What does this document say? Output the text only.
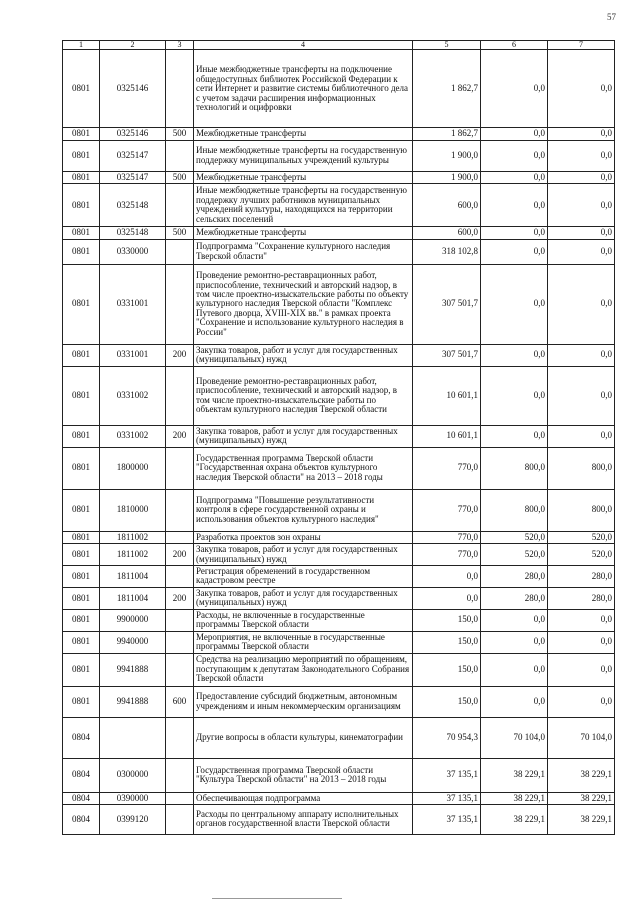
57
1	2	3	4	5	6	7
0801	0325146		Иные межбюджетные трансферты на подключение общедоступных библиотек Российской Федерации к сети Интернет и развитие системы библиотечного дела с учетом задачи расширения информационных технологий и оцифровки	1 862,7	0,0	0,0
0801	0325146	500	Межбюджетные трансферты	1 862,7	0,0	0,0
0801	0325147		Иные межбюджетные трансферты на государственную поддержку муниципальных учреждений культуры	1 900,0	0,0	0,0
0801	0325147	500	Межбюджетные трансферты	1 900,0	0,0	0,0
0801	0325148		Иные межбюджетные трансферты на государственную поддержку лучших работников муниципальных учреждений культуры, находящихся на территории сельских поселений	600,0	0,0	0,0
0801	0325148	500	Межбюджетные трансферты	600,0	0,0	0,0
0801	0330000		Подпрограмма "Сохранение культурного наследия Тверской области"	318 102,8	0,0	0,0
0801	0331001		Проведение ремонтно-реставрационных работ, приспособление, технический и авторский надзор, в том числе проектно-изыскательские работы по объекту культурного наследия Тверской области "Комплекс Путевого дворца, XVIII-XIX вв." в рамках проекта "Сохранение и использование культурного наследия в России"	307 501,7	0,0	0,0
0801	0331001	200	Закупка товаров, работ и услуг для государственных (муниципальных) нужд	307 501,7	0,0	0,0
0801	0331002		Проведение ремонтно-реставрационных работ, приспособление, технический и авторский надзор, в том числе проектно-изыскательские работы по объектам культурного наследия Тверской области	10 601,1	0,0	0,0
0801	0331002	200	Закупка товаров, работ и услуг для государственных (муниципальных) нужд	10 601,1	0,0	0,0
0801	1800000		Государственная программа Тверской области "Государственная охрана объектов культурного наследия Тверской области" на 2013 – 2018 годы	770,0	800,0	800,0
0801	1810000		Подпрограмма "Повышение результативности контроля в сфере государственной охраны и использования объектов культурного наследия"	770,0	800,0	800,0
0801	1811002		Разработка проектов зон охраны	770,0	520,0	520,0
0801	1811002	200	Закупка товаров, работ и услуг для государственных (муниципальных) нужд	770,0	520,0	520,0
0801	1811004		Регистрация обременений в государственном кадастровом реестре	0,0	280,0	280,0
0801	1811004	200	Закупка товаров, работ и услуг для государственных (муниципальных) нужд	0,0	280,0	280,0
0801	9900000		Расходы, не включенные в государственные программы Тверской области	150,0	0,0	0,0
0801	9940000		Мероприятия, не включенные в государственные программы Тверской области	150,0	0,0	0,0
0801	9941888		Средства на реализацию мероприятий по обращениям, поступающим к депутатам Законодательного Собрания Тверской области	150,0	0,0	0,0
0801	9941888	600	Предоставление субсидий бюджетным, автономным учреждениям и иным некоммерческим организациям	150,0	0,0	0,0
0804			Другие вопросы в области культуры, кинематографии	70 954,3	70 104,0	70 104,0
0804	0300000		Государственная программа Тверской области "Культура Тверской области" на 2013 – 2018 годы	37 135,1	38 229,1	38 229,1
0804	0390000		Обеспечивающая подпрограмма	37 135,1	38 229,1	38 229,1
0804	0399120		Расходы по центральному аппарату исполнительных органов государственной власти Тверской области	37 135,1	38 229,1	38 229,1
